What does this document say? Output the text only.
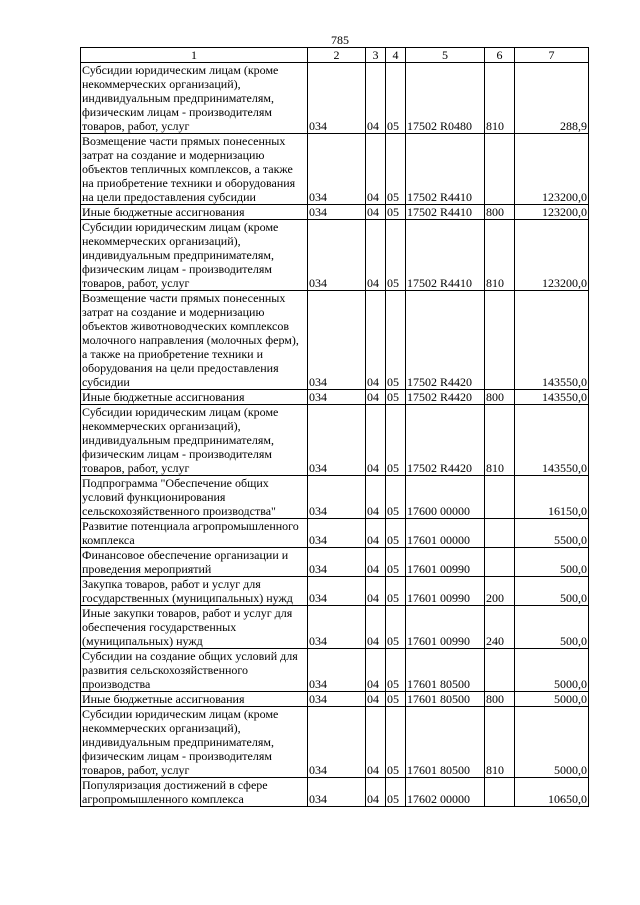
785
1	2	3	4	5	6	7
Субсидии юридическим лицам (кроме некоммерческих организаций), индивидуальным предпринимателям, физическим лицам - производителям товаров, работ, услуг	034	04	05	17502 R0480	810	288,9
Возмещение части прямых понесенных затрат на создание и модернизацию объектов тепличных комплексов, а также на приобретение техники и оборудования на цели предоставления субсидии	034	04	05	17502 R4410		123200,0
Иные бюджетные ассигнования	034	04	05	17502 R4410	800	123200,0
Субсидии юридическим лицам (кроме некоммерческих организаций), индивидуальным предпринимателям, физическим лицам - производителям товаров, работ, услуг	034	04	05	17502 R4410	810	123200,0
Возмещение части прямых понесенных затрат на создание и модернизацию объектов животноводческих комплексов молочного направления (молочных ферм), а также на приобретение техники и оборудования на цели предоставления субсидии	034	04	05	17502 R4420		143550,0
Иные бюджетные ассигнования	034	04	05	17502 R4420	800	143550,0
Субсидии юридическим лицам (кроме некоммерческих организаций), индивидуальным предпринимателям, физическим лицам - производителям товаров, работ, услуг	034	04	05	17502 R4420	810	143550,0
Подпрограмма "Обеспечение общих условий функционирования сельскохозяйственного производства"	034	04	05	17600 00000		16150,0
Развитие потенциала агропромышленного комплекса	034	04	05	17601 00000		5500,0
Финансовое обеспечение организации и проведения мероприятий	034	04	05	17601 00990		500,0
Закупка товаров, работ и услуг для государственных (муниципальных) нужд	034	04	05	17601 00990	200	500,0
Иные закупки товаров, работ и услуг для обеспечения государственных (муниципальных) нужд	034	04	05	17601 00990	240	500,0
Субсидии на создание общих условий для развития сельскохозяйственного производства	034	04	05	17601 80500		5000,0
Иные бюджетные ассигнования	034	04	05	17601 80500	800	5000,0
Субсидии юридическим лицам (кроме некоммерческих организаций), индивидуальным предпринимателям, физическим лицам - производителям товаров, работ, услуг	034	04	05	17601 80500	810	5000,0
Популяризация достижений в сфере агропромышленного комплекса	034	04	05	17602 00000		10650,0
